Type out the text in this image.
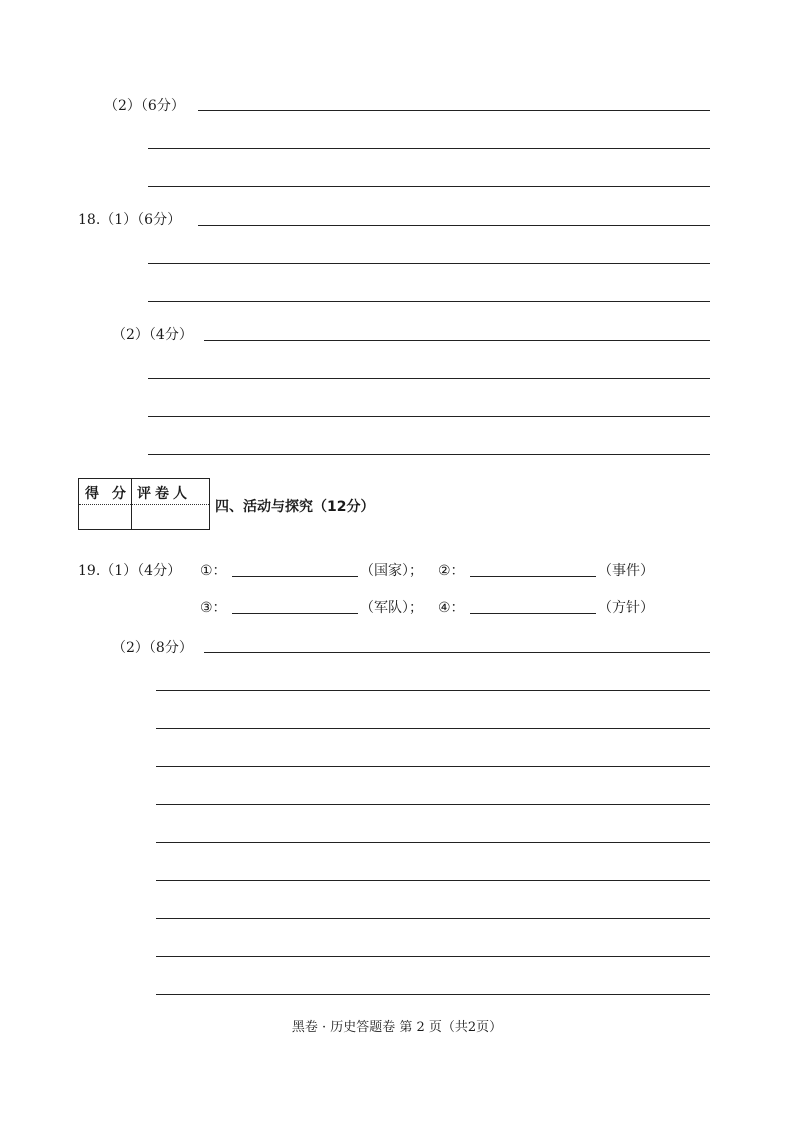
（2）（6分）
18.（1）（6分）
（2）（4分）
得 分 评卷人
四、活动与探究（12分）
19.（1）（4分） ①：	（国家）； ②：	（事件）
③：	（军队）； ④：	（方针）
（2）（8分）
黑卷 · 历史答题卷 第 2 页（共2页）
